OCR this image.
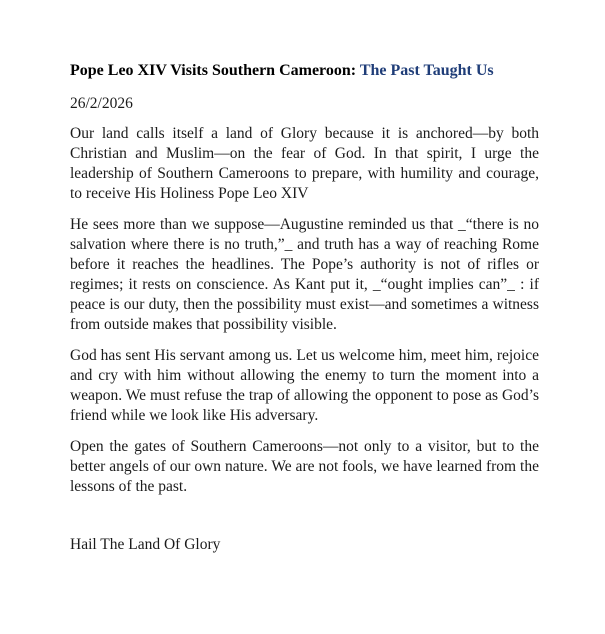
Pope Leo XIV Visits Southern Cameroon: The Past Taught Us

26/2/2026

Our land calls itself a land of Glory because it is anchored—by both Christian and Muslim—on the fear of God. In that spirit, I urge the leadership of Southern Cameroons to prepare, with humility and courage, to receive His Holiness Pope Leo XIV

He sees more than we suppose—Augustine reminded us that _“there is no salvation where there is no truth,”_ and truth has a way of reaching Rome before it reaches the headlines. The Pope’s authority is not of rifles or regimes; it rests on conscience. As Kant put it, _“ought implies can”_ : if peace is our duty, then the possibility must exist—and sometimes a witness from outside makes that possibility visible.

God has sent His servant among us. Let us welcome him, meet him, rejoice and cry with him without allowing the enemy to turn the moment into a weapon. We must refuse the trap of allowing the opponent to pose as God’s friend while we look like His adversary.

Open the gates of Southern Cameroons—not only to a visitor, but to the better angels of our own nature. We are not fools, we have learned from the lessons of the past.

Hail The Land Of Glory
